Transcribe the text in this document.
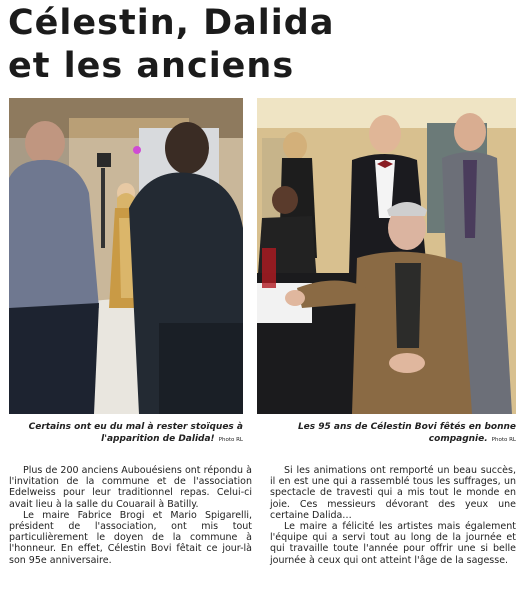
Célestin, Dalida
et les anciens
Certains ont eu du mal à rester stoïques à l'apparition de Dalida! Photo RL
Les 95 ans de Célestin Bovi fêtés en bonne compagnie. Photo RL

Plus de 200 anciens Aubouésiens ont répondu à l'invitation de la commune et de l'association Edelweiss pour leur traditionnel repas. Celui-ci avait lieu à la salle du Couarail à Batilly.

Le maire Fabrice Brogi et Mario Spigarelli, président de l'association, ont mis tout particulièrement le doyen de la commune à l'honneur. En effet, Célestin Bovi fêtait ce jour-là son 95e anniversaire.

Si les animations ont remporté un beau succès, il en est une qui a rassemblé tous les suffrages, un spectacle de travesti qui a mis tout le monde en joie. Ces messieurs dévorant des yeux une certaine Dalida…

Le maire a félicité les artistes mais également l'équipe qui a servi tout au long de la journée et qui travaille toute l'année pour offrir une si belle journée à ceux qui ont atteint l'âge de la sagesse.
